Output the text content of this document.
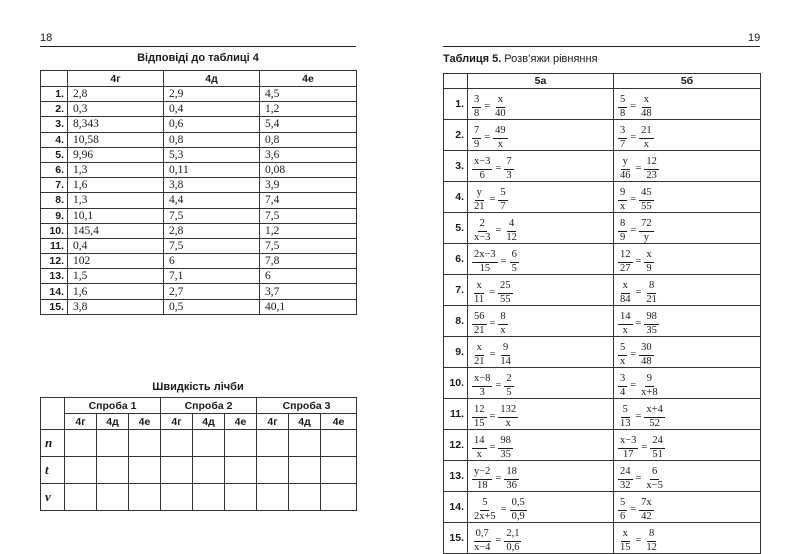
18
Відповіді до таблиці 4
	4г	4д	4е
1.	2,8	2,9	4,5
2.	0,3	0,4	1,2
3.	8,343	0,6	5,4
4.	10,58	0,8	0,8
5.	9,96	5,3	3,6
6.	1,3	0,11	0,08
7.	1,6	3,8	3,9
8.	1,3	4,4	7,4
9.	10,1	7,5	7,5
10.	145,4	2,8	1,2
11.	0,4	7,5	7,5
12.	102	6	7,8
13.	1,5	7,1	6
14.	1,6	2,7	3,7
15.	3,8	0,5	40,1
Швидкість лічби
	Спроба 1			Спроба 2			Спроба 3		
	4г	4д	4е	4г	4д	4е	4г	4д	4е
n									
t									
v									
19
Таблиця 5. Розв’яжи рівняння
	5а	5б
1.	$\frac{3}{8} = \frac{x}{40}$	$\frac{5}{8} = \frac{x}{48}$

2.	$\frac{7}{9} = \frac{49}{x}$	$\frac{3}{7} = \frac{21}{x}$

3.	$\frac{x-3}{6} = \frac{7}{3}$	$\frac{y}{46} = \frac{12}{23}$

4.	$\frac{y}{21} = \frac{5}{7}$	$\frac{9}{x} = \frac{45}{55}$

5.	$\frac{2}{x-3} = \frac{4}{12}$	$\frac{8}{9} = \frac{72}{y}$

6.	$\frac{2x-3}{15} = \frac{6}{5}$	$\frac{12}{27} = \frac{x}{9}$

7.	$\frac{x}{11} = \frac{25}{55}$	$\frac{x}{84} = \frac{8}{21}$

8.	$\frac{56}{21} = \frac{8}{x}$	$\frac{14}{x} = \frac{98}{35}$

9.	$\frac{x}{21} = \frac{9}{14}$	$\frac{5}{x} = \frac{30}{48}$

10.	$\frac{x-8}{3} = \frac{2}{5}$	$\frac{3}{4} = \frac{9}{x+8}$

11.	$\frac{12}{15} = \frac{132}{x}$	$\frac{5}{13} = \frac{x+4}{52}$

12.	$\frac{14}{x} = \frac{98}{35}$	$\frac{x-3}{17} = \frac{24}{51}$

13.	$\frac{y-2}{18} = \frac{18}{36}$	$\frac{24}{32} = \frac{6}{x-5}$

14.	$\frac{5}{2x+5} = \frac{0,5}{0,9}$	$\frac{5}{6} = \frac{7x}{42}$

15.	$\frac{0,7}{x-4} = \frac{2,1}{0,6}$	$\frac{x}{15} = \frac{8}{12}$
